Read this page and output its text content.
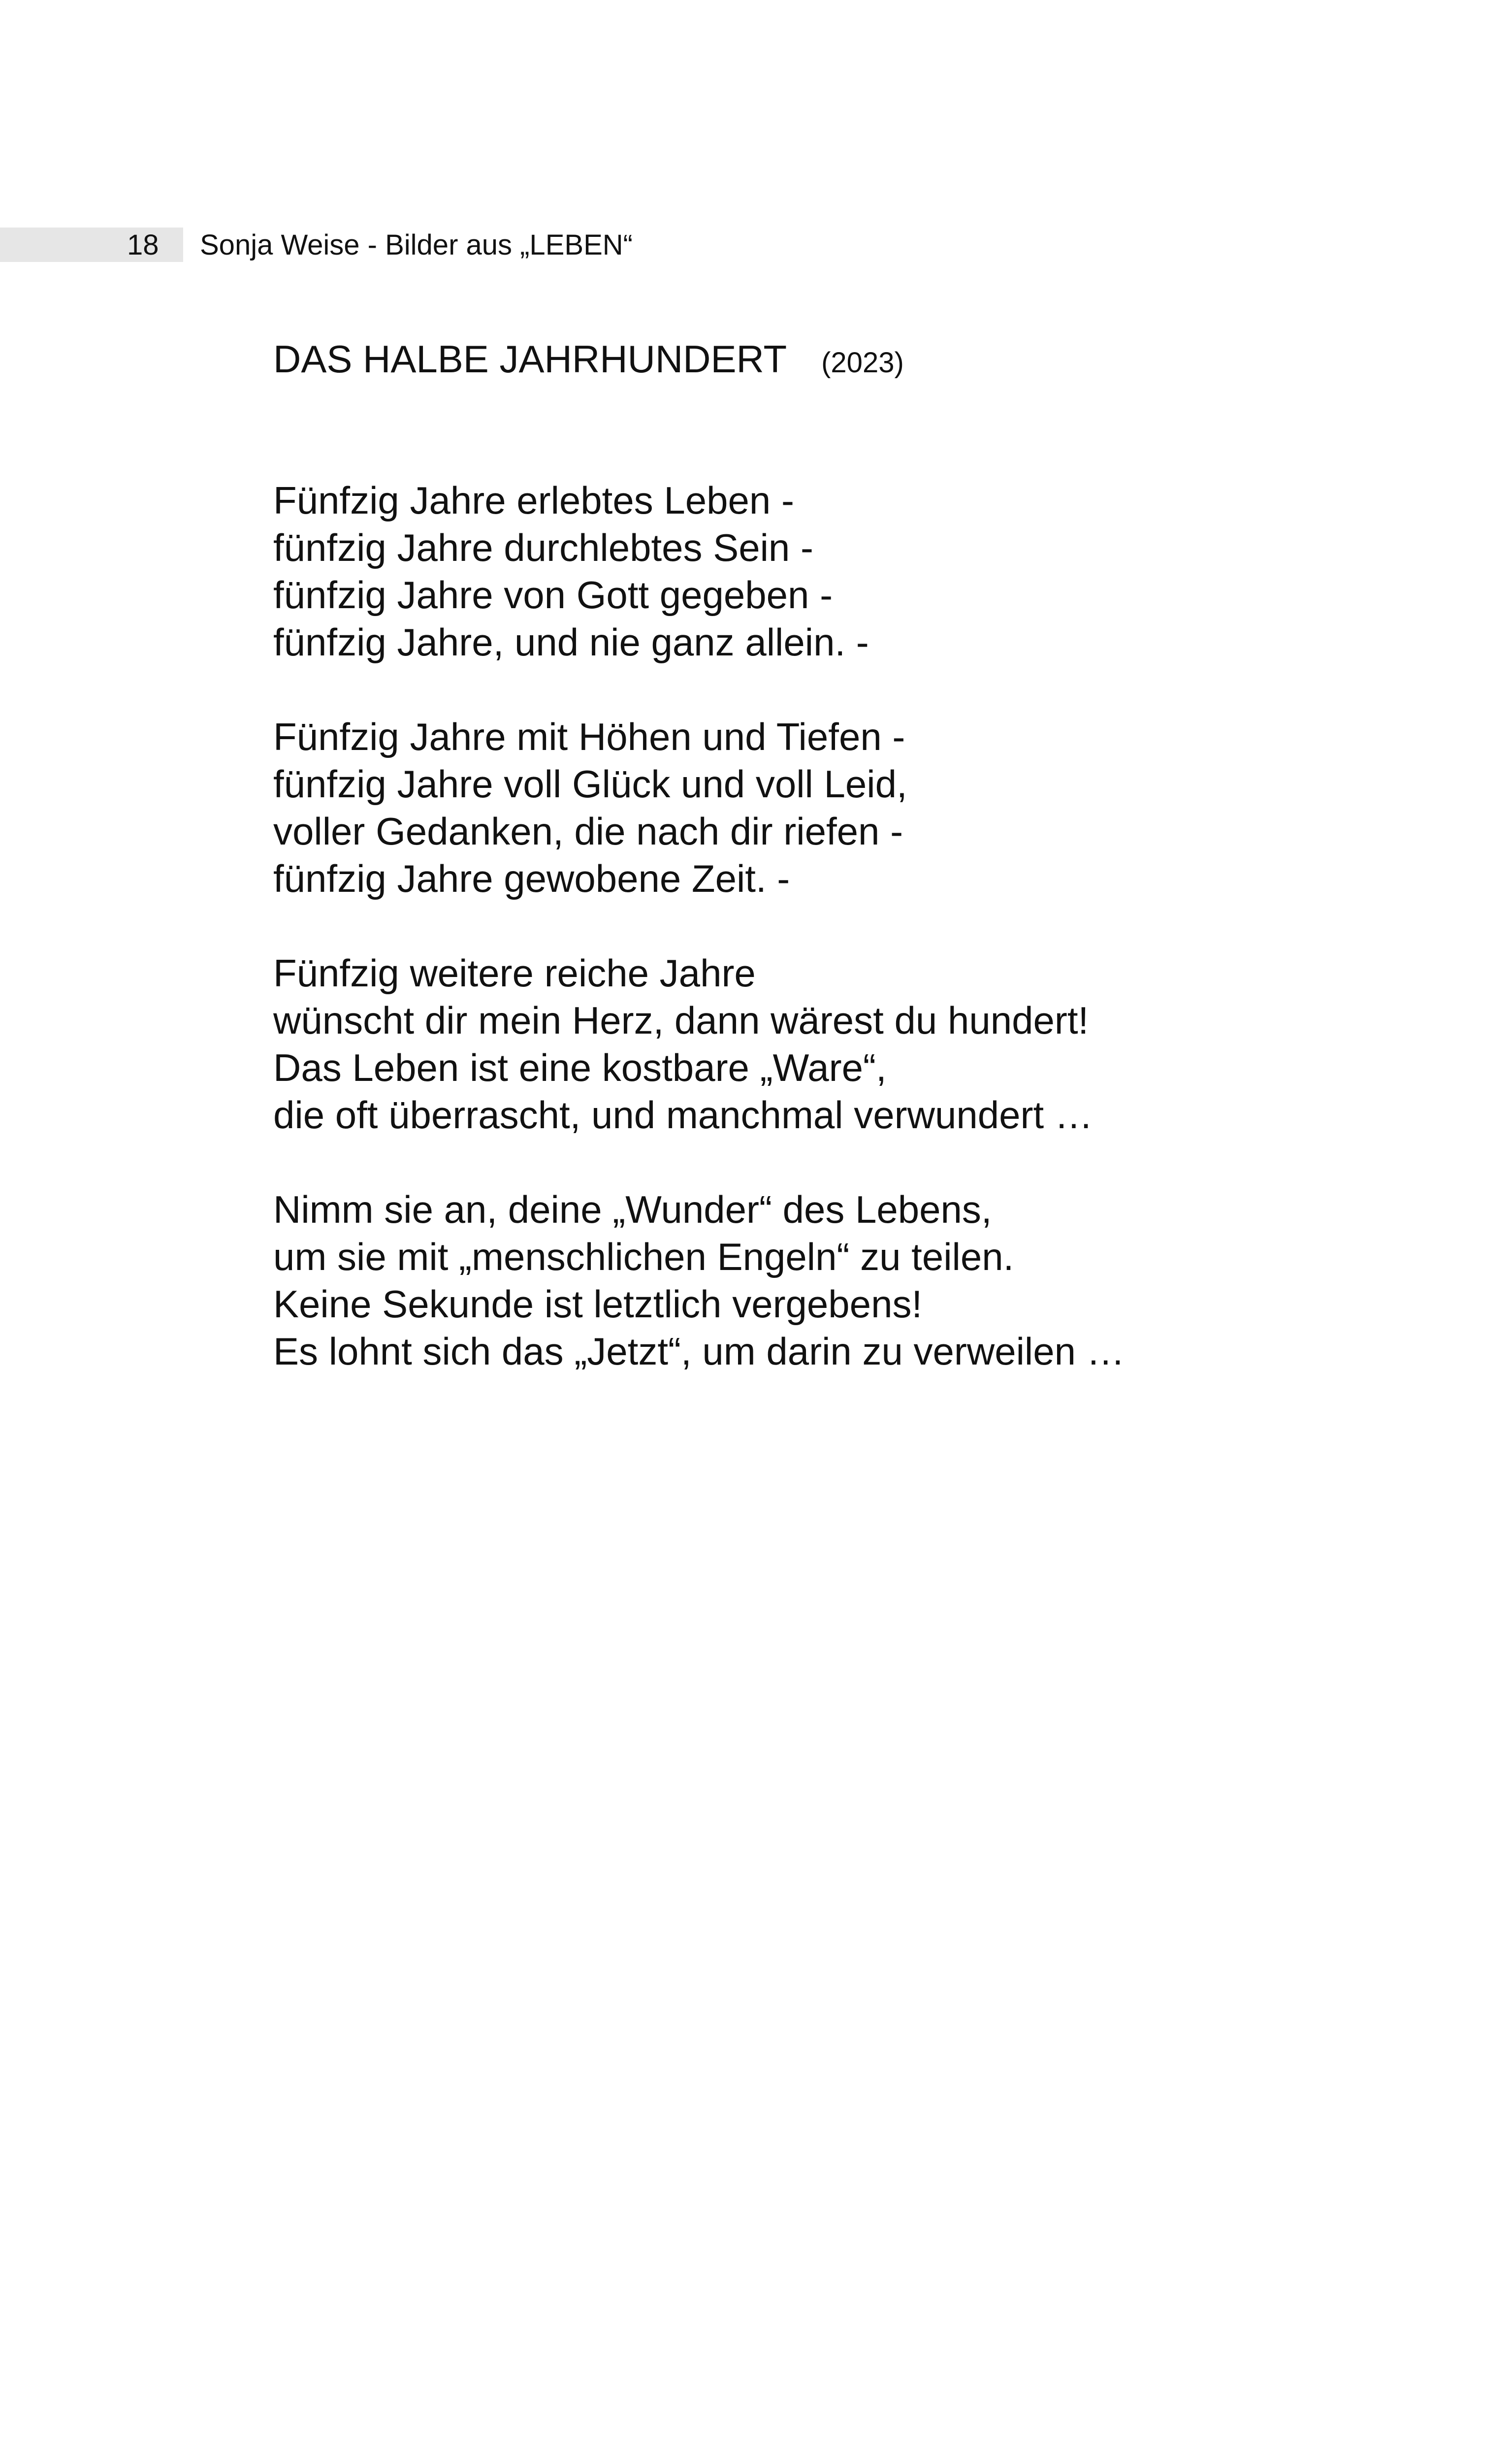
18 Sonja Weise - Bilder aus „LEBEN“
DAS HALBE JAHRHUNDERT (2023)
Fünfzig Jahre erlebtes Leben -
fünfzig Jahre durchlebtes Sein -
fünfzig Jahre von Gott gegeben -
fünfzig Jahre, und nie ganz allein. -
Fünfzig Jahre mit Höhen und Tiefen -
fünfzig Jahre voll Glück und voll Leid,
voller Gedanken, die nach dir riefen -
fünfzig Jahre gewobene Zeit. -
Fünfzig weitere reiche Jahre
wünscht dir mein Herz, dann wärest du hundert!
Das Leben ist eine kostbare „Ware“,
die oft überrascht, und manchmal verwundert …
Nimm sie an, deine „Wunder“ des Lebens,
um sie mit „menschlichen Engeln“ zu teilen.
Keine Sekunde ist letztlich vergebens!
Es lohnt sich das „Jetzt“, um darin zu verweilen …
